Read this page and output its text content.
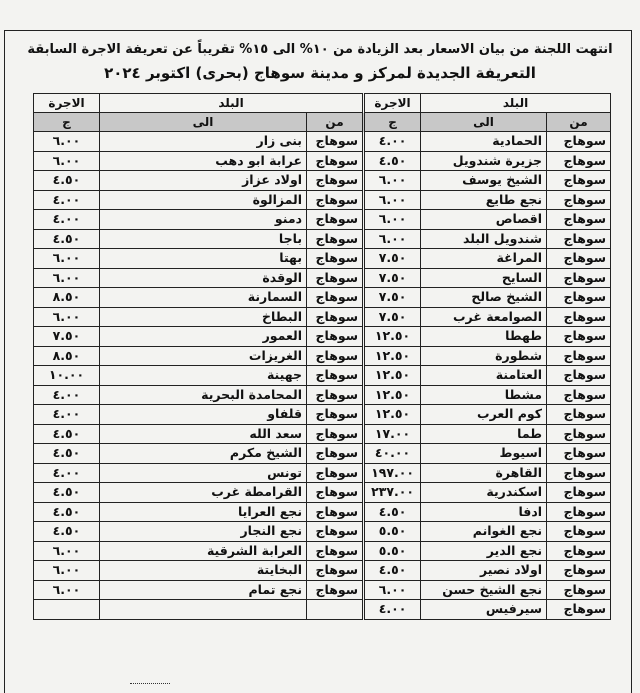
انتهت اللجنة من بيان الاسعار بعد الزيادة من ١٠% الى ١٥% تقريباً عن تعريفة الاجرة السابقة
التعريفة الجديدة لمركز و مدينة سوهاج (بحرى) اكتوبر ٢٠٢٤
البلد		الاجرة		البلد		الاجرة
من	الى	ج		من	الى	ج
سوهاج	الحمادية	٤.٠٠		سوهاج	بنى زار	٦.٠٠
سوهاج	جزيرة شندويل	٤.٥٠		سوهاج	عرابة ابو دهب	٦.٠٠
سوهاج	الشيخ يوسف	٦.٠٠		سوهاج	اولاد عزاز	٤.٥٠
سوهاج	نجع طايع	٦.٠٠		سوهاج	المزالوة	٤.٠٠
سوهاج	اقصاص	٦.٠٠		سوهاج	دمنو	٤.٠٠
سوهاج	شندويل البلد	٦.٠٠		سوهاج	باجا	٤.٥٠
سوهاج	المراغة	٧.٥٠		سوهاج	بهتا	٦.٠٠
سوهاج	السايح	٧.٥٠		سوهاج	الوقدة	٦.٠٠
سوهاج	الشيخ صالح	٧.٥٠		سوهاج	السمارنة	٨.٥٠
سوهاج	الصوامعة غرب	٧.٥٠		سوهاج	البطاخ	٦.٠٠
سوهاج	طهطا	١٢.٥٠		سوهاج	العمور	٧.٥٠
سوهاج	شطورة	١٢.٥٠		سوهاج	الغريزات	٨.٥٠
سوهاج	العتامنة	١٢.٥٠		سوهاج	جهينة	١٠.٠٠
سوهاج	مشطا	١٢.٥٠		سوهاج	المحامدة البحرية	٤.٠٠
سوهاج	كوم العرب	١٢.٥٠		سوهاج	قلفاو	٤.٠٠
سوهاج	طما	١٧.٠٠		سوهاج	سعد الله	٤.٥٠
سوهاج	اسيوط	٤٠.٠٠		سوهاج	الشيخ مكرم	٤.٥٠
سوهاج	القاهرة	١٩٧.٠٠		سوهاج	تونس	٤.٠٠
سوهاج	اسكندرية	٢٣٧.٠٠		سوهاج	القرامطة غرب	٤.٥٠
سوهاج	ادفا	٤.٥٠		سوهاج	نجع العرايا	٤.٥٠
سوهاج	نجع الغوانم	٥.٥٠		سوهاج	نجع النجار	٤.٥٠
سوهاج	نجع الدير	٥.٥٠		سوهاج	العرابة الشرقية	٦.٠٠
سوهاج	اولاد نصير	٤.٥٠		سوهاج	البخايتة	٦.٠٠
سوهاج	نجع الشيخ حسن	٦.٠٠		سوهاج	نجع تمام	٦.٠٠
سوهاج	سيرفيس	٤.٠٠				
